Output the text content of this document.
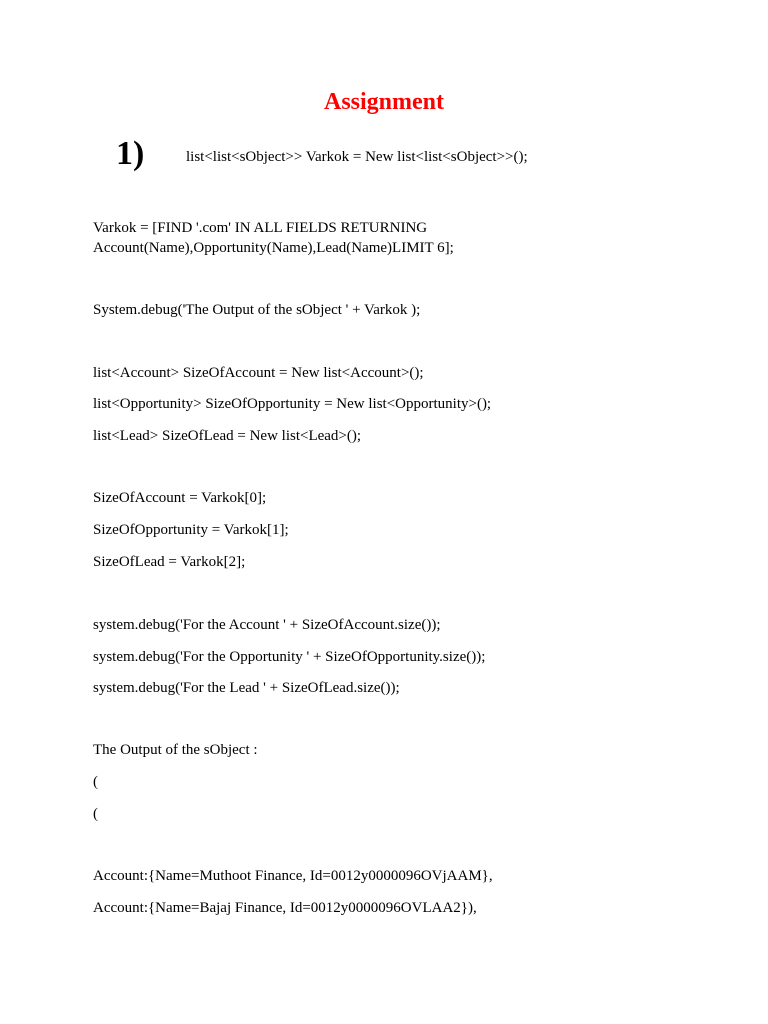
Assignment
1)	list<list<sObject>> Varkok = New list<list<sObject>>();
Varkok = [FIND '.com' IN ALL FIELDS RETURNING
Account(Name),Opportunity(Name),Lead(Name)LIMIT 6];
System.debug('The Output of the sObject ' + Varkok );
list<Account> SizeOfAccount = New list<Account>();
list<Opportunity> SizeOfOpportunity = New list<Opportunity>();
list<Lead> SizeOfLead = New list<Lead>();
SizeOfAccount = Varkok[0];
SizeOfOpportunity = Varkok[1];
SizeOfLead = Varkok[2];
system.debug('For the Account ' + SizeOfAccount.size());
system.debug('For the Opportunity ' + SizeOfOpportunity.size());
system.debug('For the Lead ' + SizeOfLead.size());
The Output of the sObject :
(
(
Account:{Name=Muthoot Finance, Id=0012y0000096OVjAAM},
Account:{Name=Bajaj Finance, Id=0012y0000096OVLAA2}),
